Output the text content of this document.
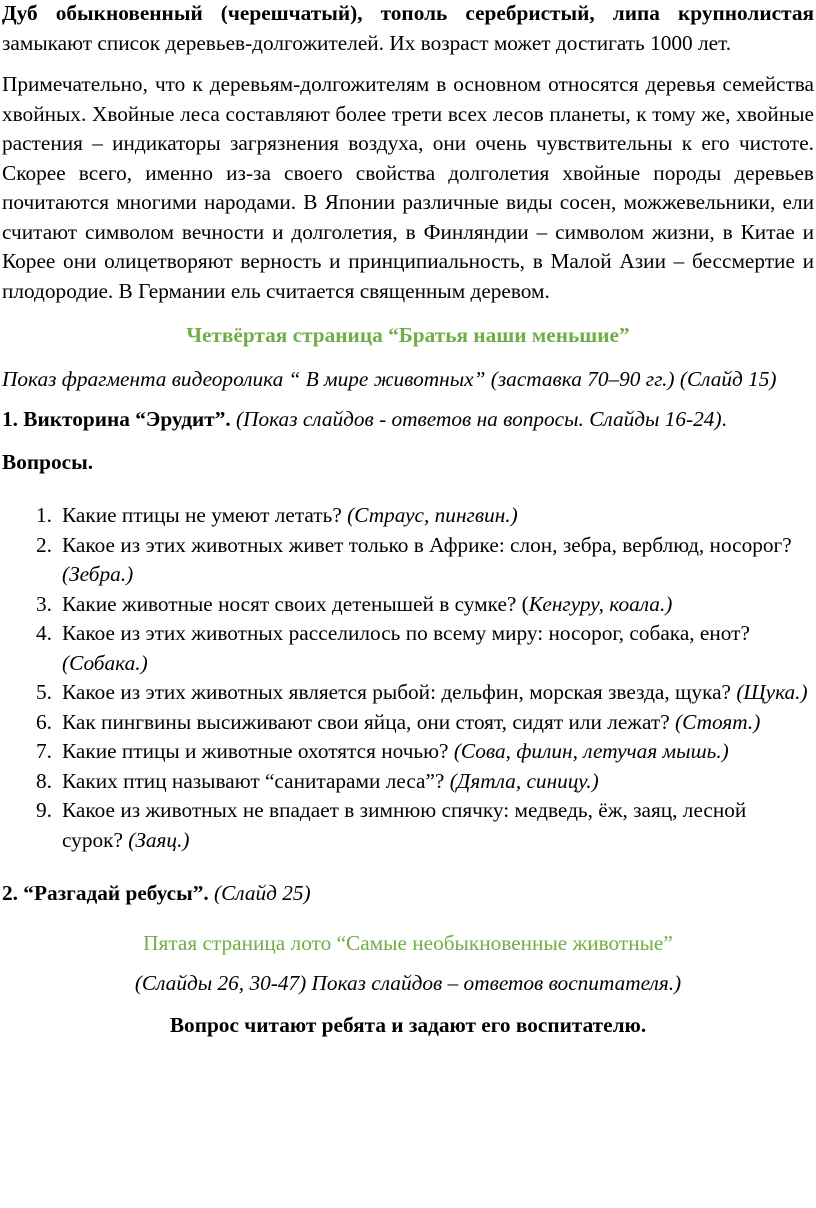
Дуб обыкновенный (черешчатый), тополь серебристый, липа крупнолистая замыкают список деревьев-долгожителей. Их возраст может достигать 1000 лет.

Примечательно, что к деревьям-долгожителям в основном относятся деревья семейства хвойных. Хвойные леса составляют более трети всех лесов планеты, к тому же, хвойные растения – индикаторы загрязнения воздуха, они очень чувствительны к его чистоте. Скорее всего, именно из-за своего свойства долголетия хвойные породы деревьев почитаются многими народами. В Японии различные виды сосен, можжевельники, ели считают символом вечности и долголетия, в Финляндии – символом жизни, в Китае и Корее они олицетворяют верность и принципиальность, в Малой Азии – бессмертие и плодородие. В Германии ель считается священным деревом.

Четвёртая страница “Братья наши меньшие”

Показ фрагмента видеоролика “ В мире животных” (заставка 70–90 гг.) (Слайд 15)

1. Викторина “Эрудит”. (Показ слайдов - ответов на вопросы. Слайды 16-24).

Вопросы.

1. Какие птицы не умеют летать? (Страус, пингвин.)
2. Какое из этих животных живет только в Африке: слон, зебра, верблюд, носорог? (Зебра.)
3. Какие животные носят своих детенышей в сумке? (Кенгуру, коала.)
4. Какое из этих животных расселилось по всему миру: носорог, собака, енот? (Собака.)
5. Какое из этих животных является рыбой: дельфин, морская звезда, щука? (Щука.)
6. Как пингвины высиживают свои яйца, они стоят, сидят или лежат? (Стоят.)
7. Какие птицы и животные охотятся ночью? (Сова, филин, летучая мышь.)
8. Каких птиц называют “санитарами леса”? (Дятла, синицу.)
9. Какое из животных не впадает в зимнюю спячку: медведь, ёж, заяц, лесной сурок? (Заяц.)

2. “Разгадай ребусы”. (Слайд 25)

Пятая страница лото “Самые необыкновенные животные”

(Слайды 26, 30-47) Показ слайдов – ответов воспитателя.)

Вопрос читают ребята и задают его воспитателю.
